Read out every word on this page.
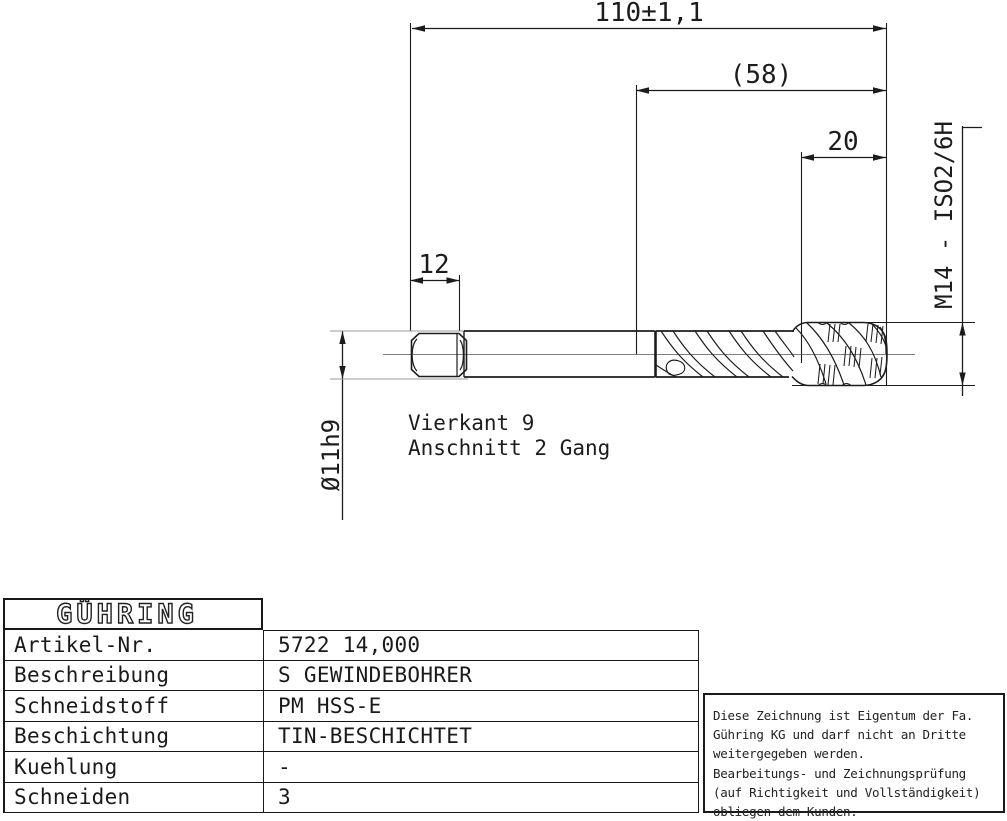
110±1,1
(58)
20
12
Ø11h9
M14 - ISO2/6H
Vierkant 9
Anschnitt 2 Gang
GÜHRING
Artikel-Nr.	5722 14,000
Beschreibung	S GEWINDEBOHRER
Schneidstoff	PM HSS-E
Beschichtung	TIN-BESCHICHTET
Kuehlung	-
Schneiden	3
Diese Zeichnung ist Eigentum der Fa.
Gühring KG und darf nicht an Dritte
weitergegeben werden.
Bearbeitungs- und Zeichnungsprüfung
(auf Richtigkeit und Vollständigkeit)
obliegen dem Kunden.
